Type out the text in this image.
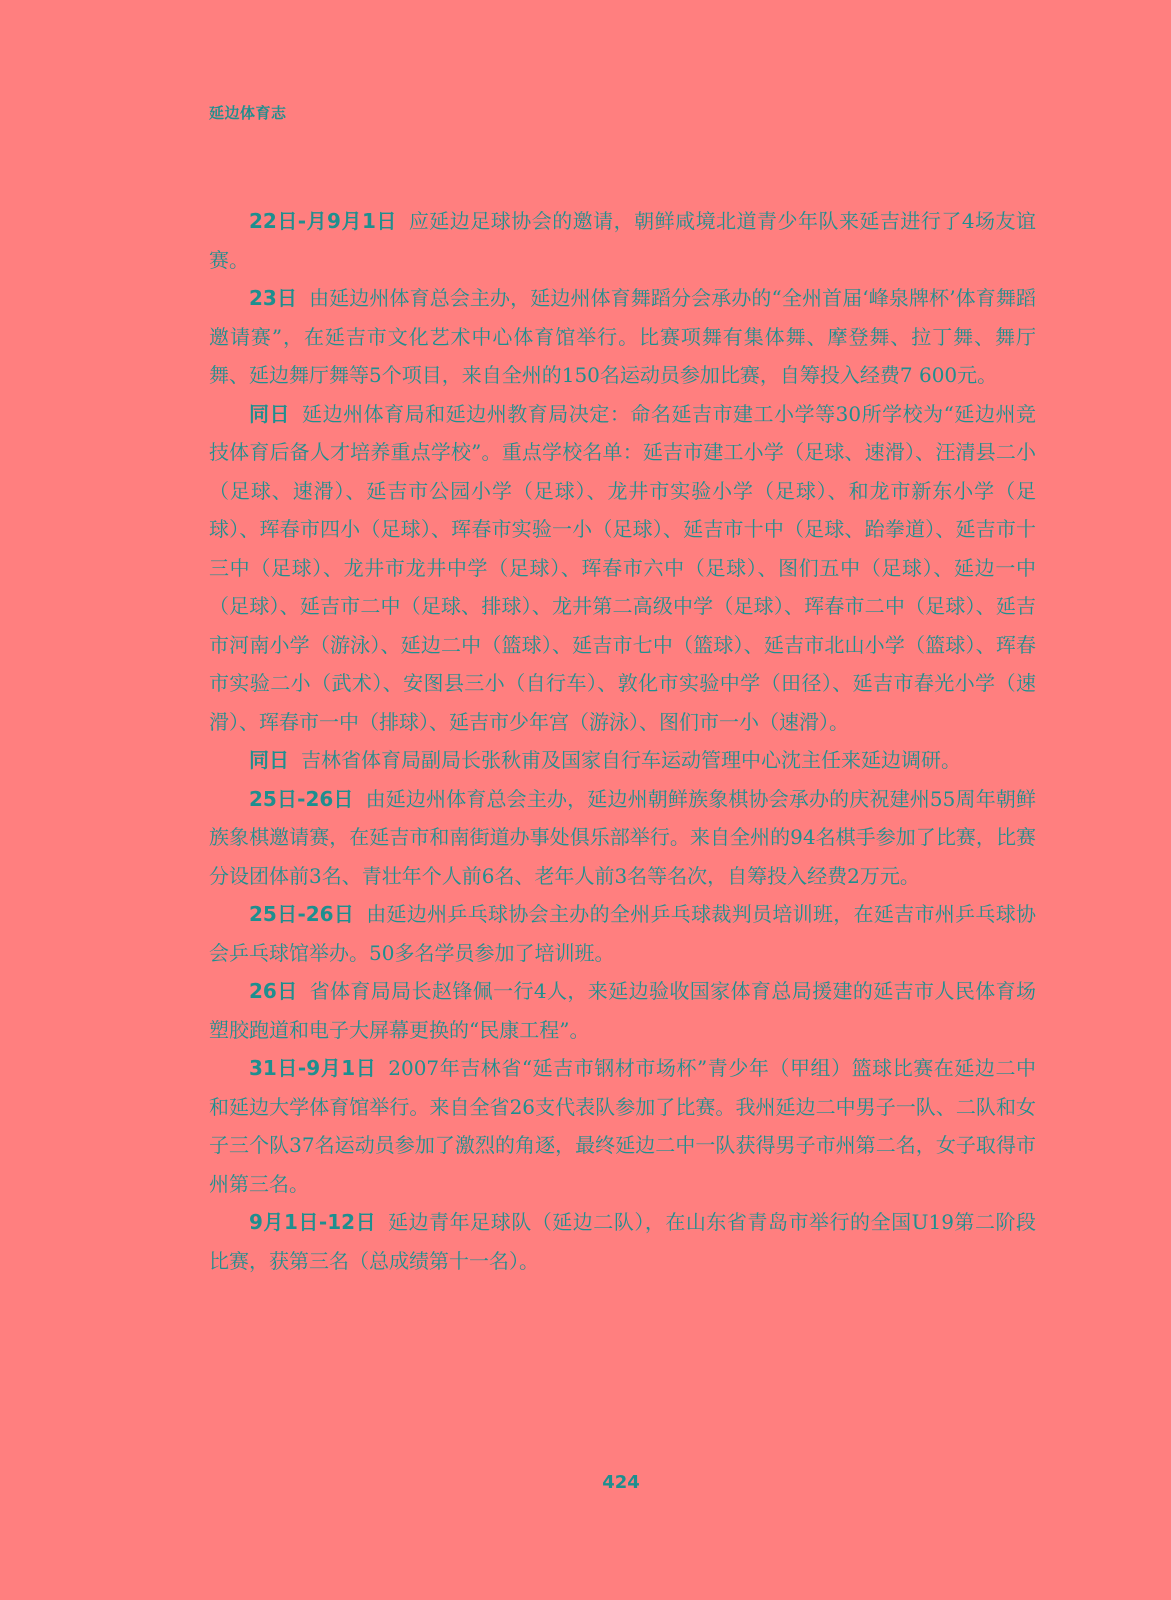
延边体育志

22日-月9月1日 应延边足球协会的邀请，朝鲜咸境北道青少年队来延吉进行了4场友谊赛。

23日 由延边州体育总会主办，延边州体育舞蹈分会承办的“全州首届‘峰泉牌杯’体育舞蹈邀请赛”，在延吉市文化艺术中心体育馆举行。比赛项舞有集体舞、摩登舞、拉丁舞、舞厅舞、延边舞厅舞等5个项目，来自全州的150名运动员参加比赛，自筹投入经费7 600元。

同日 延边州体育局和延边州教育局决定：命名延吉市建工小学等30所学校为“延边州竞技体育后备人才培养重点学校”。重点学校名单：延吉市建工小学（足球、速滑）、汪清县二小（足球、速滑）、延吉市公园小学（足球）、龙井市实验小学（足球）、和龙市新东小学（足球）、珲春市四小（足球）、珲春市实验一小（足球）、延吉市十中（足球、跆拳道）、延吉市十三中（足球）、龙井市龙井中学（足球）、珲春市六中（足球）、图们五中（足球）、延边一中（足球）、延吉市二中（足球、排球）、龙井第二高级中学（足球）、珲春市二中（足球）、延吉市河南小学（游泳）、延边二中（篮球）、延吉市七中（篮球）、延吉市北山小学（篮球）、珲春市实验二小（武术）、安图县三小（自行车）、敦化市实验中学（田径）、延吉市春光小学（速滑）、珲春市一中（排球）、延吉市少年宫（游泳）、图们市一小（速滑）。

同日 吉林省体育局副局长张秋甫及国家自行车运动管理中心沈主任来延边调研。

25日-26日 由延边州体育总会主办，延边州朝鲜族象棋协会承办的庆祝建州55周年朝鲜族象棋邀请赛，在延吉市和南街道办事处俱乐部举行。来自全州的94名棋手参加了比赛，比赛分设团体前3名、青壮年个人前6名、老年人前3名等名次，自筹投入经费2万元。

25日-26日 由延边州乒乓球协会主办的全州乒乓球裁判员培训班，在延吉市州乒乓球协会乒乓球馆举办。50多名学员参加了培训班。

26日 省体育局局长赵锋佩一行4人，来延边验收国家体育总局援建的延吉市人民体育场塑胶跑道和电子大屏幕更换的“民康工程”。

31日-9月1日 2007年吉林省“延吉市钢材市场杯”青少年（甲组）篮球比赛在延边二中和延边大学体育馆举行。来自全省26支代表队参加了比赛。我州延边二中男子一队、二队和女子三个队37名运动员参加了激烈的角逐，最终延边二中一队获得男子市州第二名，女子取得市州第三名。

9月1日-12日 延边青年足球队（延边二队），在山东省青岛市举行的全国U19第二阶段比赛，获第三名（总成绩第十一名）。

424
